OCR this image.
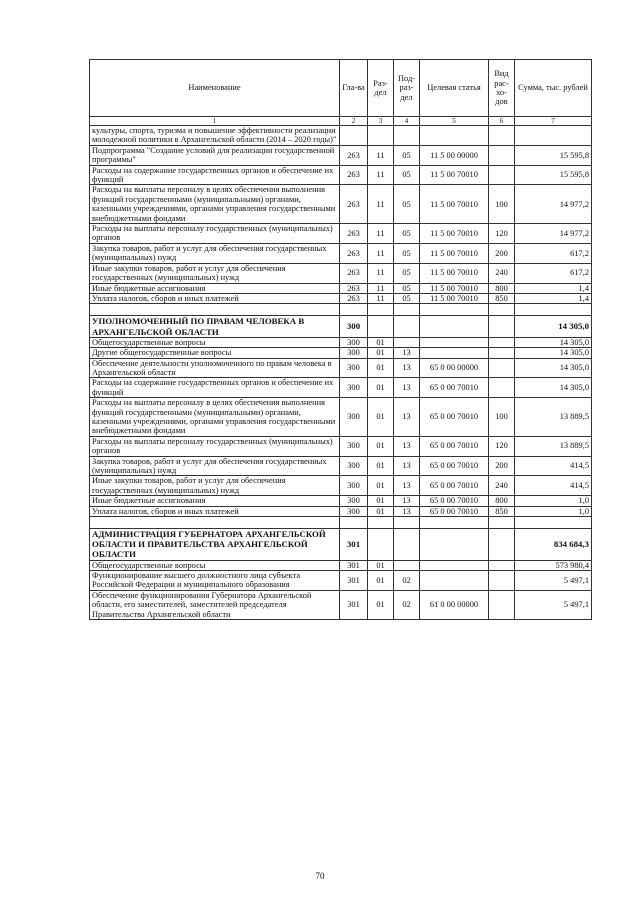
Наименование	Гла-ва	Раз-дел	Под-раз-дел	Целевая статья	Вид рас-хо-дов	Сумма, тыс. рублей
1	2	3	4	5	6	7
культуры, спорта, туризма и повышение эффективности реализации молодежной политики в Архангельской области (2014 – 2020 годы)"						
Подпрограмма "Создание условий для реализации государственной программы"	263	11	05	11 5 00 00000		15 595,8
Расходы на содержание государственных органов и обеспечение их функций	263	11	05	11 5 00 70010		15 595,8
Расходы на выплаты персоналу в целях обеспечения выполнения функций государственными (муниципальными) органами, казенными учреждениями, органами управления государственными внебюджетными фондами	263	11	05	11 5 00 70010	100	14 977,2
Расходы на выплаты персоналу государственных (муниципальных) органов	263	11	05	11 5 00 70010	120	14 977,2
Закупка товаров, работ и услуг для обеспечения государственных (муниципальных) нужд	263	11	05	11 5 00 70010	200	617,2
Иные закупки товаров, работ и услуг для обеспечения государственных (муниципальных) нужд	263	11	05	11 5 00 70010	240	617,2
Иные бюджетные ассигнования	263	11	05	11 5 00 70010	800	1,4
Уплата налогов, сборов и иных платежей	263	11	05	11 5 00 70010	850	1,4

УПОЛНОМОЧЕННЫЙ ПО ПРАВАМ ЧЕЛОВЕКА В АРХАНГЕЛЬСКОЙ ОБЛАСТИ	300					14 305,0
Общегосударственные вопросы	300	01				14 305,0
Другие общегосударственные вопросы	300	01	13			14 305,0
Обеспечение деятельности уполномоченного по правам человека в Архангельской области	300	01	13	65 0 00 00000		14 305,0
Расходы на содержание государственных органов и обеспечение их функций	300	01	13	65 0 00 70010		14 305,0
Расходы на выплаты персоналу в целях обеспечения выполнения функций государственными (муниципальными) органами, казенными учреждениями, органами управления государственными внебюджетными фондами	300	01	13	65 0 00 70010	100	13 889,5
Расходы на выплаты персоналу государственных (муниципальных) органов	300	01	13	65 0 00 70010	120	13 889,5
Закупка товаров, работ и услуг для обеспечения государственных (муниципальных) нужд	300	01	13	65 0 00 70010	200	414,5
Иные закупки товаров, работ и услуг для обеспечения государственных (муниципальных) нужд	300	01	13	65 0 00 70010	240	414,5
Иные бюджетные ассигнования	300	01	13	65 0 00 70010	800	1,0
Уплата налогов, сборов и иных платежей	300	01	13	65 0 00 70010	850	1,0

АДМИНИСТРАЦИЯ ГУБЕРНАТОРА АРХАНГЕЛЬСКОЙ ОБЛАСТИ И ПРАВИТЕЛЬСТВА АРХАНГЕЛЬСКОЙ ОБЛАСТИ	301					834 684,3
Общегосударственные вопросы	301	01				573 980,4
Функционирование высшего должностного лица субъекта Российской Федерации и муниципального образования	301	01	02			5 497,1
Обеспечение функционирования Губернатора Архангельской области, его заместителей, заместителей председателя Правительства Архангельской области	301	01	02	61 0 00 00000		5 497,1
70
